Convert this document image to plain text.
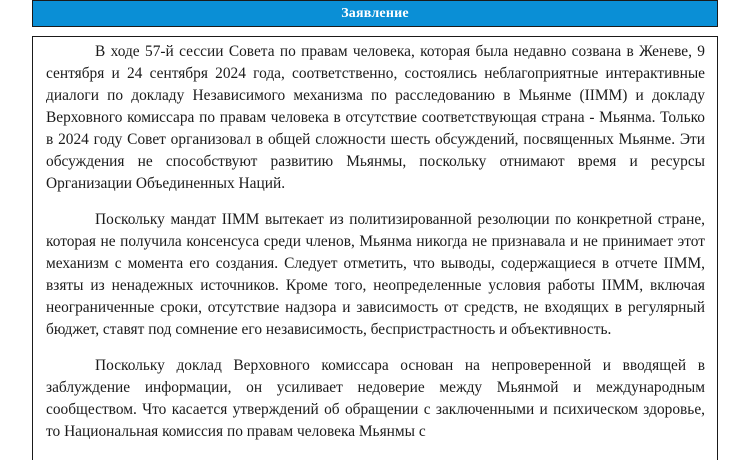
Заявление

В ходе 57-й сессии Совета по правам человека, которая была недавно созвана в Женеве, 9 сентября и 24 сентября 2024 года, соответственно, состоялись неблагоприятные интерактивные диалоги по докладу Независимого механизма по расследованию в Мьянме (IIMM) и докладу Верховного комиссара по правам человека в отсутствие соответствующая страна - Мьянма. Только в 2024 году Совет организовал в общей сложности шесть обсуждений, посвященных Мьянме. Эти обсуждения не способствуют развитию Мьянмы, поскольку отнимают время и ресурсы Организации Объединенных Наций.

Поскольку мандат IIMM вытекает из политизированной резолюции по конкретной стране, которая не получила консенсуса среди членов, Мьянма никогда не признавала и не принимает этот механизм с момента его создания. Следует отметить, что выводы, содержащиеся в отчете IIMM, взяты из ненадежных источников. Кроме того, неопределенные условия работы IIMM, включая неограниченные сроки, отсутствие надзора и зависимость от средств, не входящих в регулярный бюджет, ставят под сомнение его независимость, беспристрастность и объективность.

Поскольку доклад Верховного комиссара основан на непроверенной и вводящей в заблуждение информации, он усиливает недоверие между Мьянмой и международным сообществом. Что касается утверждений об обращении с заключенными и психическом здоровье, то Национальная комиссия по правам человека Мьянмы с
